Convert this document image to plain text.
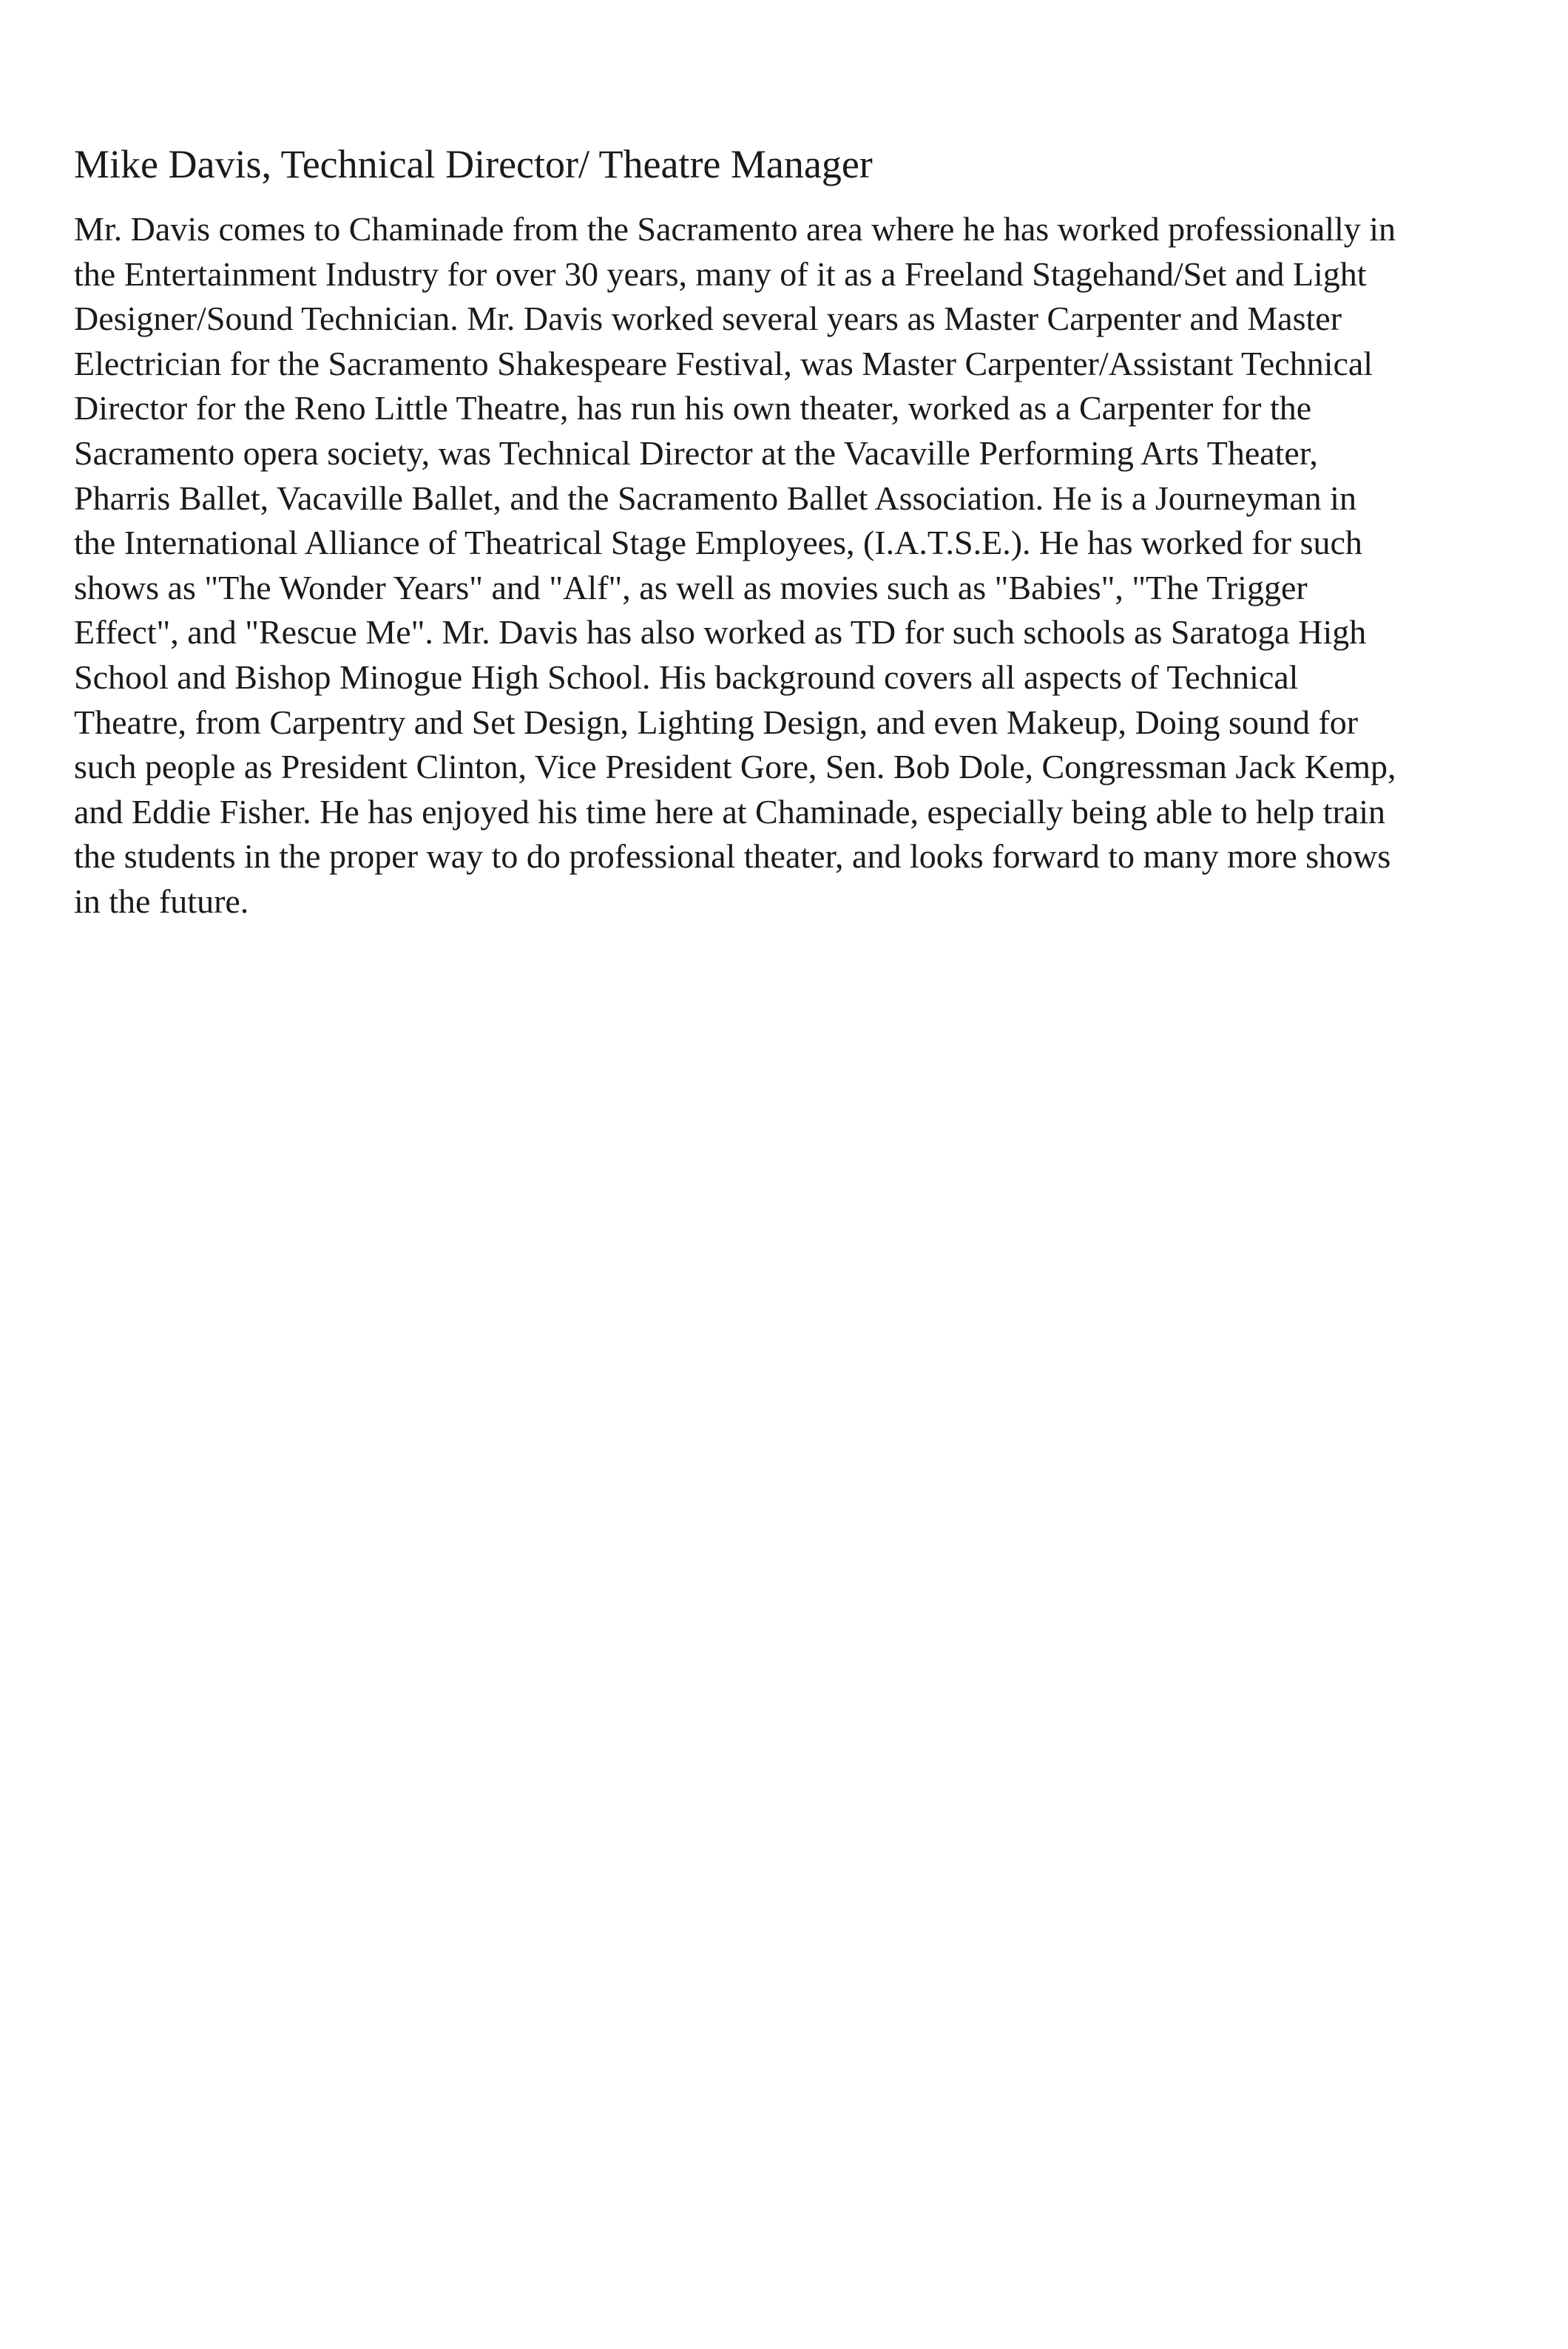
Mike Davis, Technical Director/ Theatre Manager

Mr. Davis comes to Chaminade from the Sacramento area where he has worked professionally in
the Entertainment Industry for over 30 years, many of it as a Freeland Stagehand/Set and Light
Designer/Sound Technician. Mr. Davis worked several years as Master Carpenter and Master
Electrician for the Sacramento Shakespeare Festival, was Master Carpenter/Assistant Technical
Director for the Reno Little Theatre, has run his own theater, worked as a Carpenter for the
Sacramento opera society, was Technical Director at the Vacaville Performing Arts Theater,
Pharris Ballet, Vacaville Ballet, and the Sacramento Ballet Association. He is a Journeyman in
the International Alliance of Theatrical Stage Employees, (I.A.T.S.E.). He has worked for such
shows as "The Wonder Years" and "Alf", as well as movies such as "Babies", "The Trigger
Effect", and "Rescue Me". Mr. Davis has also worked as TD for such schools as Saratoga High
School and Bishop Minogue High School. His background covers all aspects of Technical
Theatre, from Carpentry and Set Design, Lighting Design, and even Makeup, Doing sound for
such people as President Clinton, Vice President Gore, Sen. Bob Dole, Congressman Jack Kemp,
and Eddie Fisher. He has enjoyed his time here at Chaminade, especially being able to help train
the students in the proper way to do professional theater, and looks forward to many more shows
in the future.
